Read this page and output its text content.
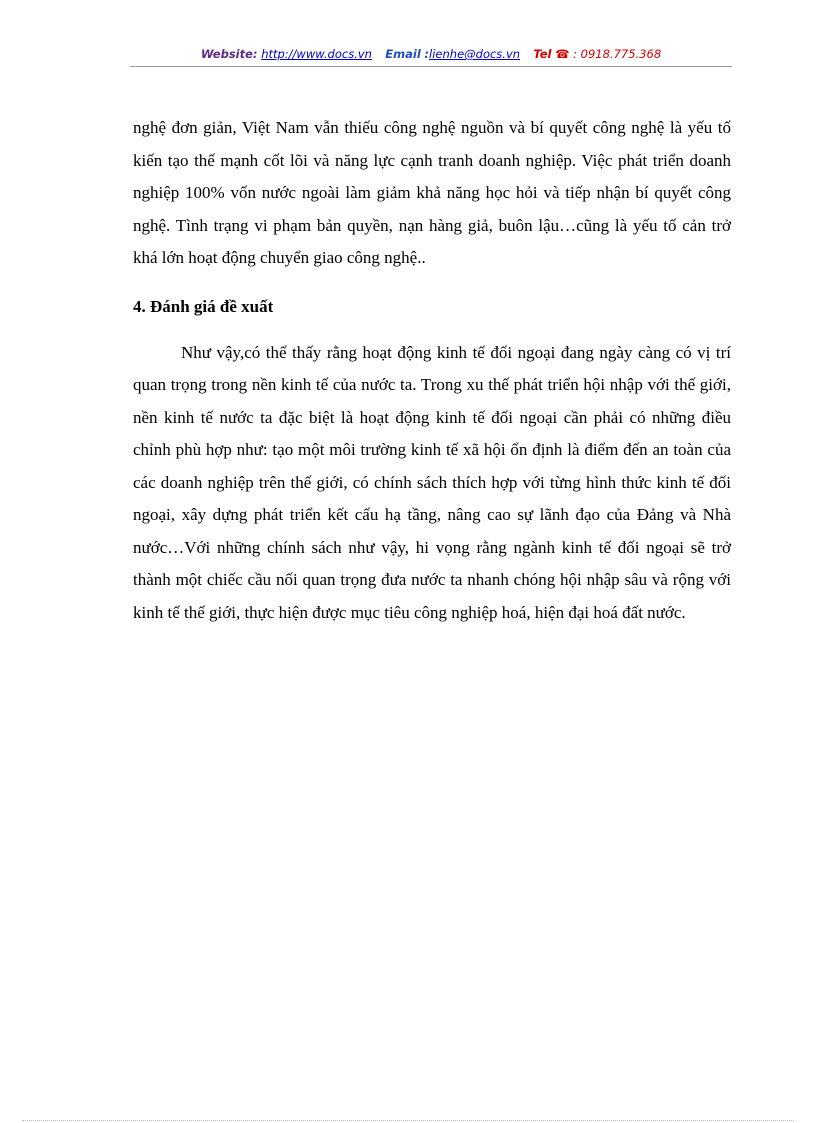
Website: http://www.docs.vn Email :lienhe@docs.vn Tel ☎ : 0918.775.368

nghệ đơn giản, Việt Nam vẫn thiếu công nghệ nguồn và bí quyết công nghệ là yếu tố kiến tạo thế mạnh cốt lõi và năng lực cạnh tranh doanh nghiệp. Việc phát triển doanh nghiệp 100% vốn nước ngoài làm giảm khả năng học hỏi và tiếp nhận bí quyết công nghệ. Tình trạng vi phạm bản quyền, nạn hàng giả, buôn lậu…cũng là yếu tố cản trở khá lớn hoạt động chuyển giao công nghệ..

4. Đánh giá đề xuất

Như vậy,có thể thấy rằng hoạt động kinh tế đối ngoại đang ngày càng có vị trí quan trọng trong nền kinh tế của nước ta. Trong xu thế phát triển hội nhập với thế giới, nền kinh tế nước ta đặc biệt là hoạt động kinh tế đối ngoại cần phải có những điều chỉnh phù hợp như: tạo một môi trường kinh tế xã hội ổn định là điểm đến an toàn của các doanh nghiệp trên thế giới, có chính sách thích hợp với từng hình thức kinh tế đối ngoại, xây dựng phát triển kết cấu hạ tầng, nâng cao sự lãnh đạo của Đảng và Nhà nước…Với những chính sách như vậy, hi vọng rằng ngành kinh tế đối ngoại sẽ trở thành một chiếc cầu nối quan trọng đưa nước ta nhanh chóng hội nhập sâu và rộng với kinh tế thế giới, thực hiện được mục tiêu công nghiệp hoá, hiện đại hoá đất nước.
